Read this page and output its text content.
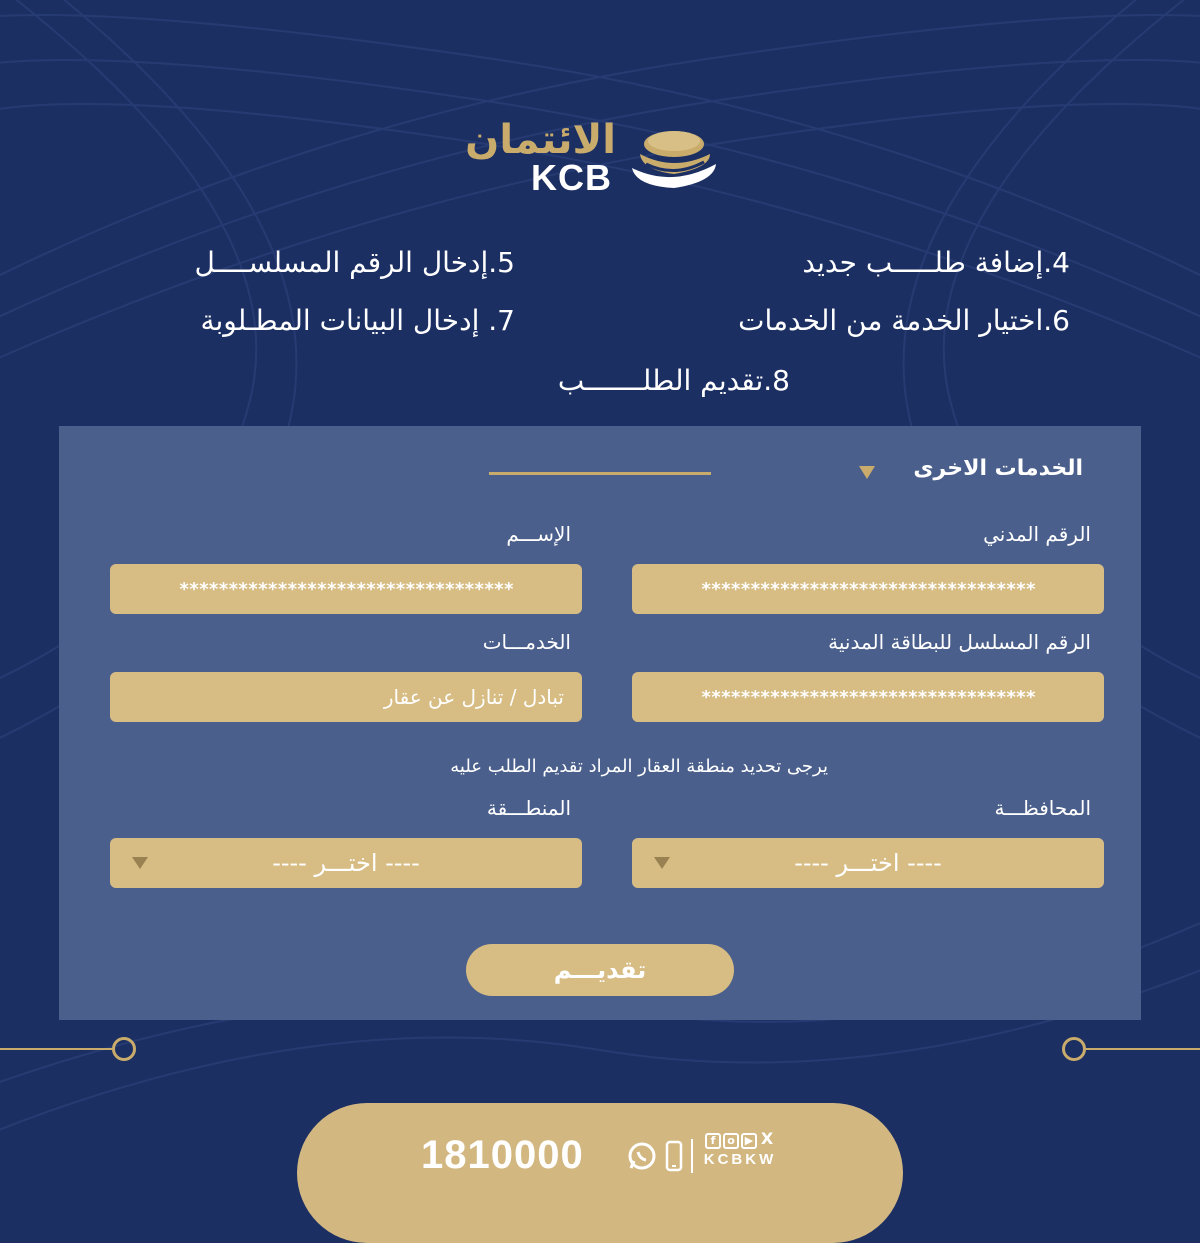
الائتمان
KCB
4.إضافة طلـــــب جديد
5.إدخال الرقم المسلســــل
6.اختيار الخدمة من الخدمات
7. إدخال البيانات المطـلوبة
8.تقديم الطلـــــــب
الخدمات الاخرى
الرقم المدني
الإســـم
**********************************
**********************************
الرقم المسلسل للبطاقة المدنية
الخدمـــات
**********************************
تبادل / تنازل عن عقار
يرجى تحديد منطقة العقار المراد تقديم الطلب عليه
المحافظـــة
المنطـــقة
---- اختـــر ----
---- اختـــر ----
تقديـــم
1810000	f	o ▶ X
KCBKW
